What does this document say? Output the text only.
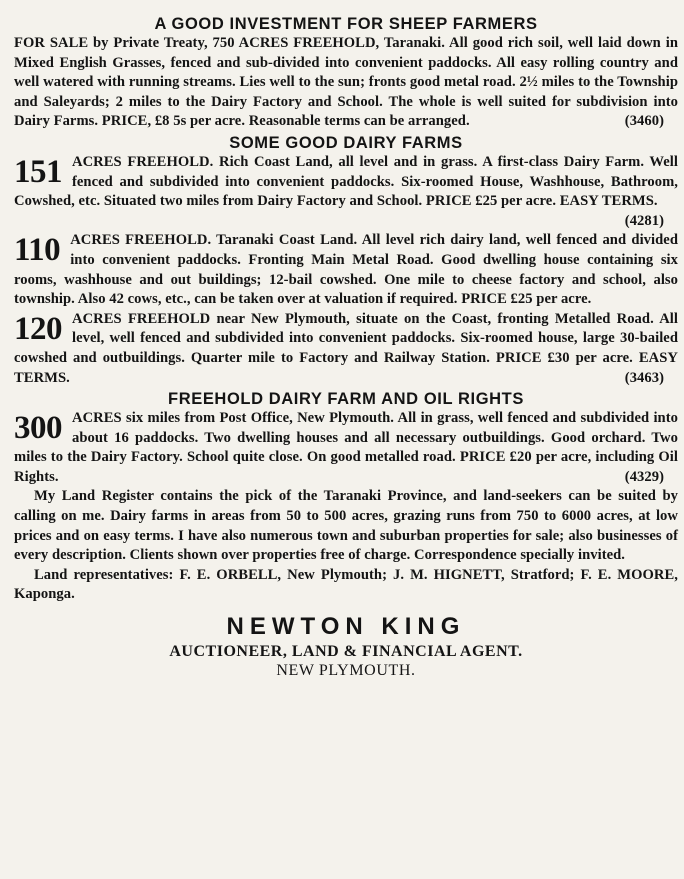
A GOOD INVESTMENT FOR SHEEP FARMERS

FOR SALE by Private Treaty, 750 ACRES FREEHOLD, Taranaki. All good rich soil, well laid down in Mixed English Grasses, fenced and sub-divided into convenient paddocks. All easy rolling country and well watered with running streams. Lies well to the sun; fronts good metal road. 2½ miles to the Township and Saleyards; 2 miles to the Dairy Factory and School. The whole is well suited for subdivision into Dairy Farms. PRICE, £8 5s per acre. Reasonable terms can be arranged.	(3460)

SOME GOOD DAIRY FARMS
151 ACRES FREEHOLD. Rich Coast Land, all level and in grass. A first-class Dairy Farm. Well fenced and subdivided into convenient paddocks. Six-roomed House, Washhouse, Bathroom, Cowshed, etc. Situated two miles from Dairy Factory and School. PRICE £25 per acre. EASY TERMS.

(4281)
110 ACRES FREEHOLD. Taranaki Coast Land. All level rich dairy land, well fenced and divided into convenient paddocks. Fronting Main Metal Road. Good dwelling house containing six rooms, washhouse and out buildings; 12-bail cowshed. One mile to cheese factory and school, also township. Also 42 cows, etc., can be taken over at valuation if required. PRICE £25 per acre.

120 ACRES FREEHOLD near New Plymouth, situate on the Coast, fronting Metalled Road. All level, well fenced and subdivided into convenient paddocks. Six-roomed house, large 30-bailed cowshed and outbuildings. Quarter mile to Factory and Railway Station. PRICE £30 per acre. EASY TERMS.	(3463)

FREEHOLD DAIRY FARM AND OIL RIGHTS
300 ACRES six miles from Post Office, New Plymouth. All in grass, well fenced and subdivided into about 16 paddocks. Two dwelling houses and all necessary outbuildings. Good orchard. Two miles to the Dairy Factory. School quite close. On good metalled road. PRICE £20 per acre, including Oil Rights.	(4329)

My Land Register contains the pick of the Taranaki Province, and land-seekers can be suited by calling on me. Dairy farms in areas from 50 to 500 acres, grazing runs from 750 to 6000 acres, at low prices and on easy terms. I have also numerous town and suburban properties for sale; also businesses of every description. Clients shown over properties free of charge. Correspondence specially invited.

Land representatives: F. E. ORBELL, New Plymouth; J. M. HIGNETT, Stratford; F. E. MOORE, Kaponga.

NEWTON KING

AUCTIONEER, LAND & FINANCIAL AGENT.

NEW PLYMOUTH.
